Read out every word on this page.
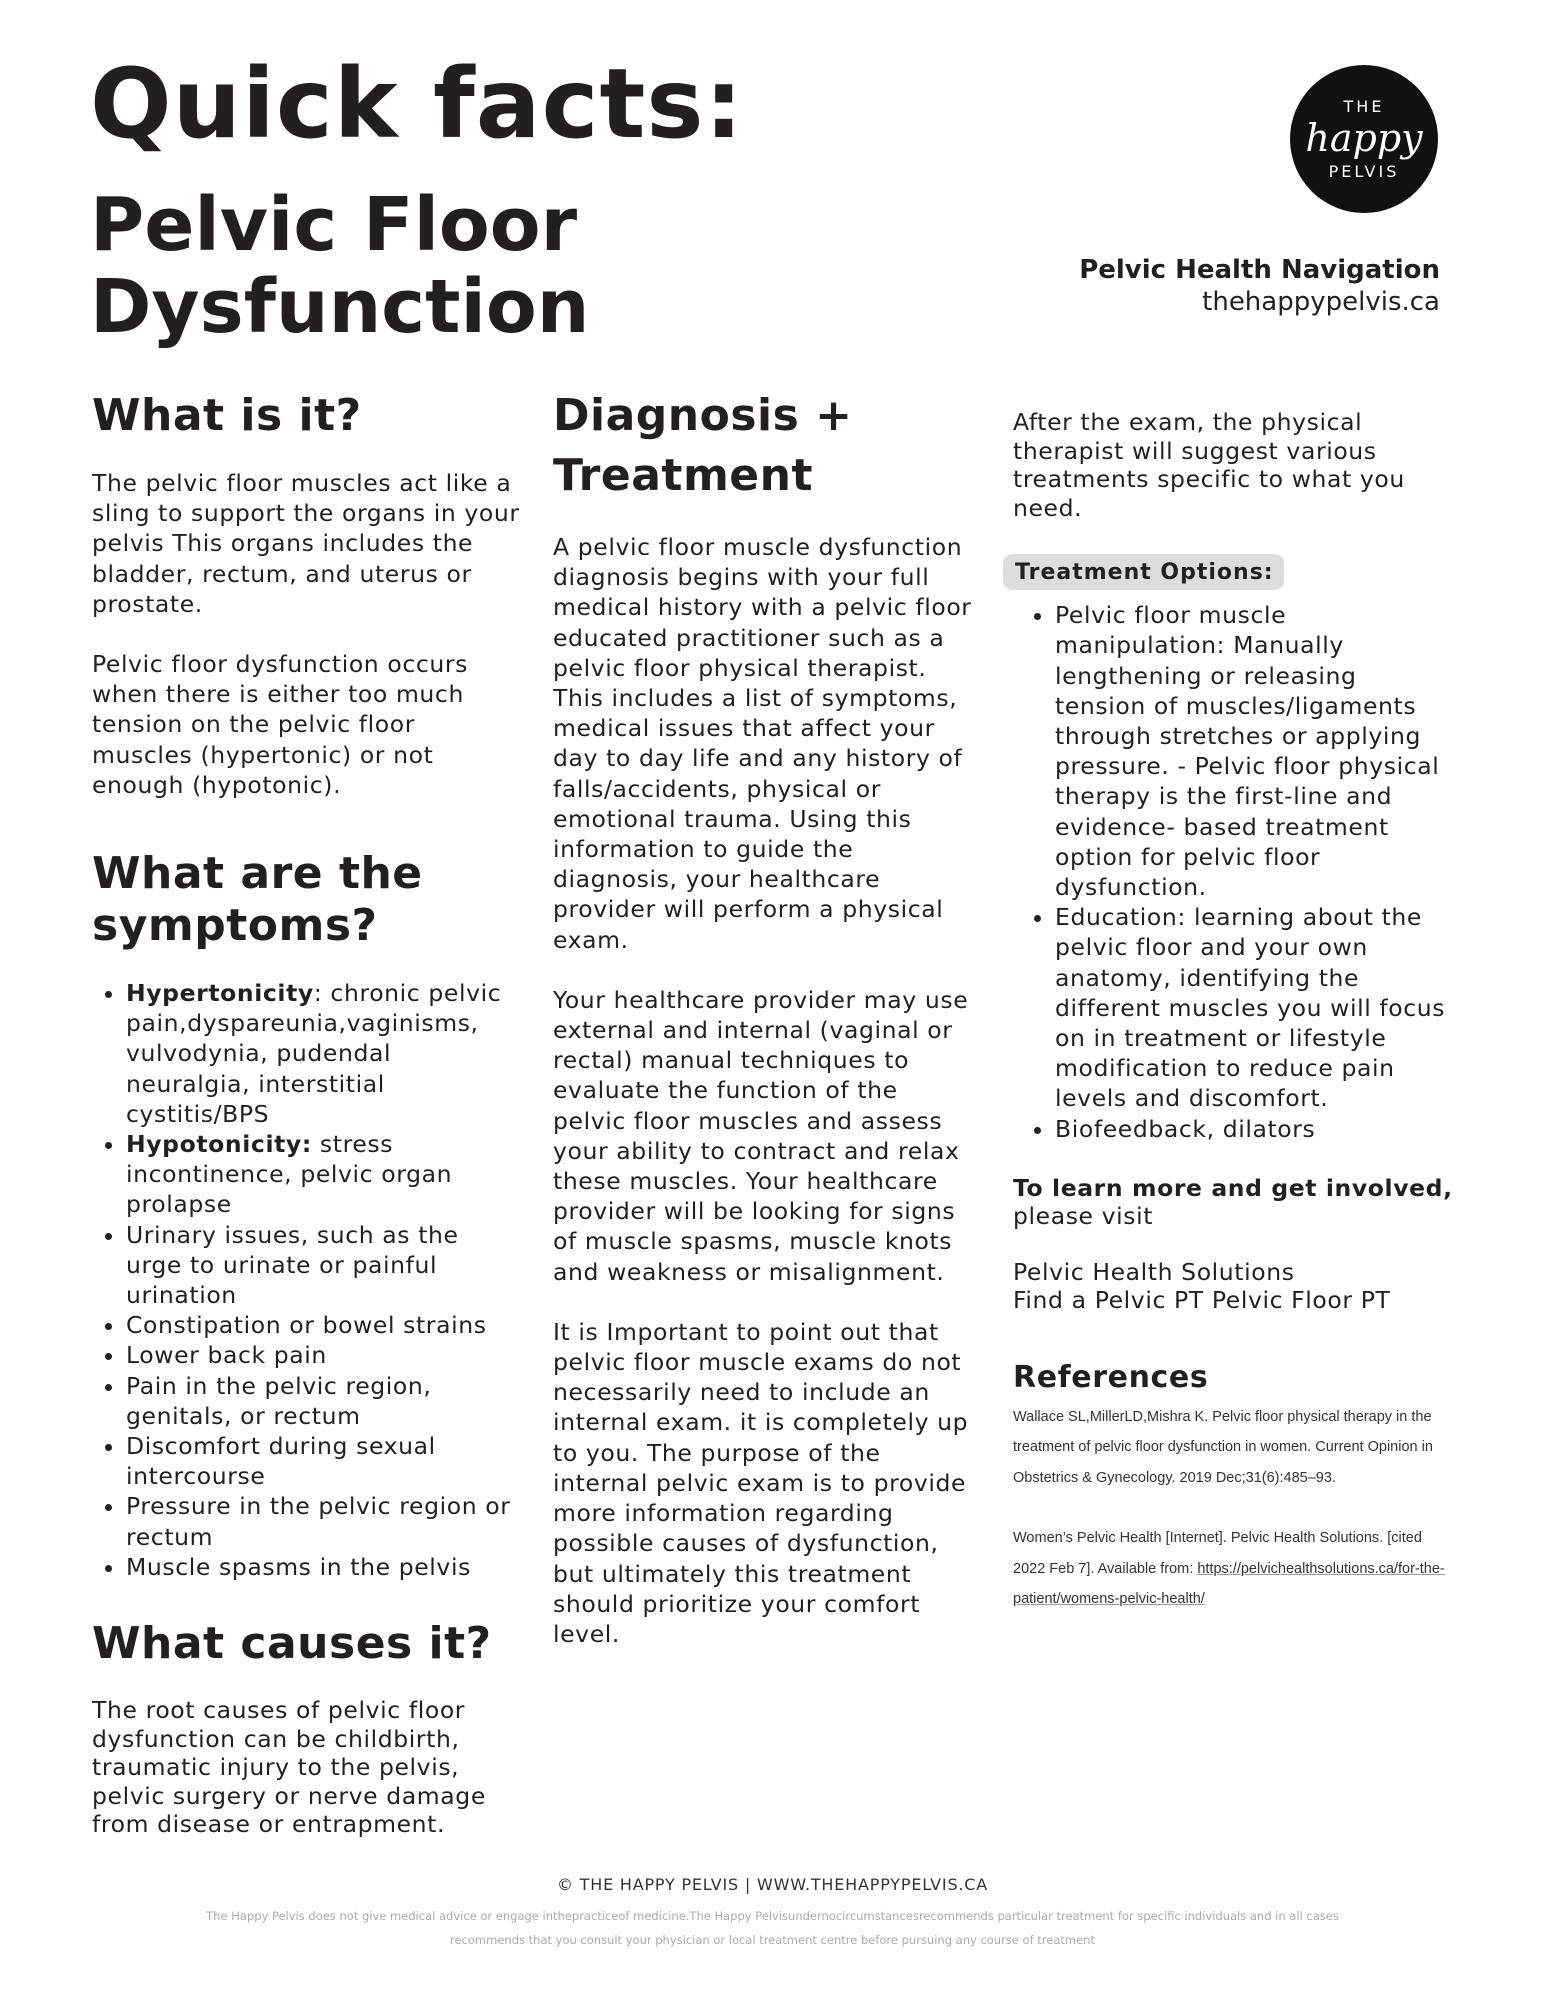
Quick facts:
Pelvic Floor Dysfunction
THE
happy
PELVIS
Pelvic Health Navigation
thehappypelvis.ca
What is it?

The pelvic floor muscles act like a sling to support the organs in your pelvis This organs includes the bladder, rectum, and uterus or prostate.

Pelvic floor dysfunction occurs when there is either too much tension on the pelvic floor muscles (hypertonic) or not enough (hypotonic).

What are the symptoms?
• Hypertonicity: chronic pelvic pain,dyspareunia,vaginisms, vulvodynia, pudendal neuralgia, interstitial cystitis/BPS
• Hypotonicity: stress incontinence, pelvic organ prolapse
• Urinary issues, such as the urge to urinate or painful urination
• Constipation or bowel strains
• Lower back pain
• Pain in the pelvic region, genitals, or rectum
• Discomfort during sexual intercourse
• Pressure in the pelvic region or rectum
• Muscle spasms in the pelvis
What causes it?

The root causes of pelvic floor dysfunction can be childbirth, traumatic injury to the pelvis, pelvic surgery or nerve damage from disease or entrapment.

Diagnosis +
Treatment

A pelvic floor muscle dysfunction diagnosis begins with your full medical history with a pelvic floor educated practitioner such as a pelvic floor physical therapist. This includes a list of symptoms, medical issues that affect your day to day life and any history of falls/accidents, physical or emotional trauma. Using this information to guide the diagnosis, your healthcare provider will perform a physical exam.

Your healthcare provider may use external and internal (vaginal or rectal) manual techniques to evaluate the function of the pelvic floor muscles and assess your ability to contract and relax these muscles. Your healthcare provider will be looking for signs of muscle spasms, muscle knots and weakness or misalignment.

It is Important to point out that pelvic floor muscle exams do not necessarily need to include an internal exam. it is completely up to you. The purpose of the internal pelvic exam is to provide

more information regarding possible causes of dysfunction, but ultimately this treatment should prioritize your comfort level.

After the exam, the physical therapist will suggest various treatments specific to what you need.

Treatment Options:
• Pelvic floor muscle manipulation: Manually lengthening or releasing tension of muscles/ligaments through stretches or applying pressure. - Pelvic floor physical therapy is the first-line and evidence- based treatment option for pelvic floor dysfunction.
• Education: learning about the pelvic floor and your own anatomy, identifying the different muscles you will focus on in treatment or lifestyle modification to reduce pain levels and discomfort.
• Biofeedback, dilators
To learn more and get involved,
please visit
Pelvic Health Solutions
Find a Pelvic PT Pelvic Floor PT
References

Wallace SL,MillerLD,Mishra K. Pelvic floor physical therapy in the treatment of pelvic floor dysfunction in women. Current Opinion in Obstetrics & Gynecology. 2019 Dec;31(6):485–93.

Women’s Pelvic Health [Internet]. Pelvic Health Solutions. [cited 2022 Feb 7]. Available from: https://pelvichealthsolutions.ca/for-the-patient/womens-pelvic-health/

© THE HAPPY PELVIS | WWW.THEHAPPYPELVIS.CA
The Happy Pelvis does not give medical advice or engage inthepracticeof medicine.The Happy Pelvisundernocircumstancesrecommends particular treatment for specific individuals and in all cases recommends that you consult your physician or local treatment centre before pursuing any course of treatment
